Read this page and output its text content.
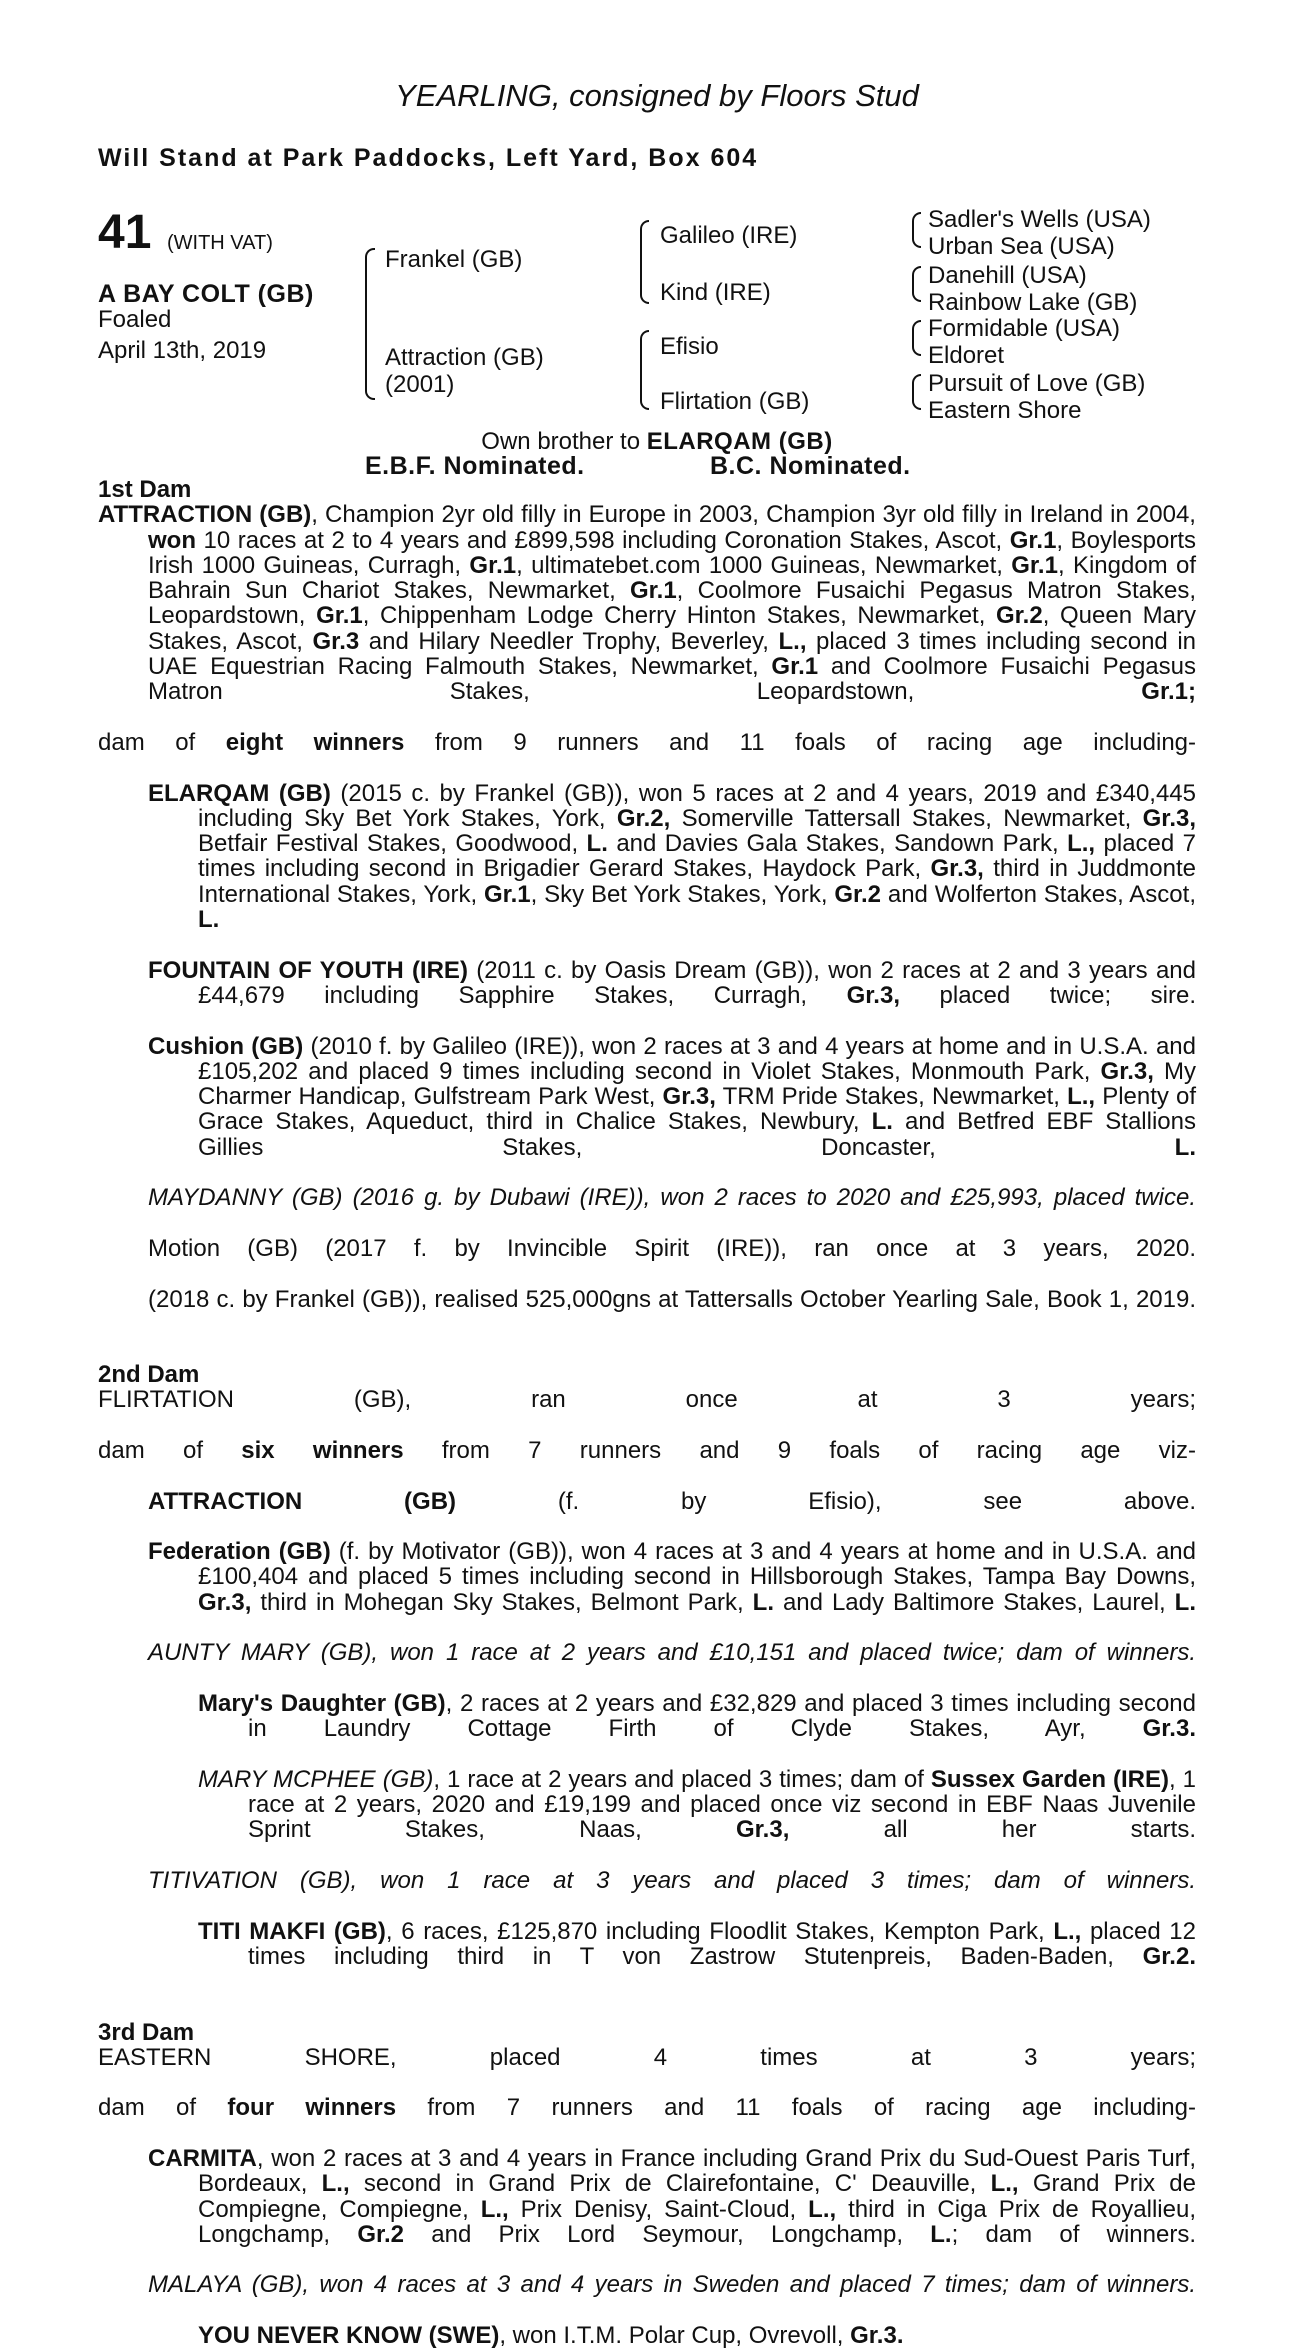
YEARLING, consigned by Floors Stud
Will Stand at Park Paddocks, Left Yard, Box 604
41 (WITH VAT)
A BAY COLT (GB)
Foaled
April 13th, 2019
Frankel (GB)
Attraction (GB)
(2001)
Galileo (IRE)
Kind (IRE)
Efisio
Flirtation (GB)
Sadler's Wells (USA)
Urban Sea (USA)
Danehill (USA)
Rainbow Lake (GB)
Formidable (USA)
Eldoret
Pursuit of Love (GB)
Eastern Shore
Own brother to ELARQAM (GB)
E.B.F. Nominated.	B.C. Nominated.
1st Dam
ATTRACTION (GB), Champion 2yr old filly in Europe in 2003, Champion 3yr old filly in Ireland in 2004, won 10 races at 2 to 4 years and £899,598 including Coronation Stakes, Ascot, Gr.1, Boylesports Irish 1000 Guineas, Curragh, Gr.1, ultimatebet.com 1000 Guineas, Newmarket, Gr.1, Kingdom of Bahrain Sun Chariot Stakes, Newmarket, Gr.1, Coolmore Fusaichi Pegasus Matron Stakes, Leopardstown, Gr.1, Chippenham Lodge Cherry Hinton Stakes, Newmarket, Gr.2, Queen Mary Stakes, Ascot, Gr.3 and Hilary Needler Trophy, Beverley, L., placed 3 times including second in UAE Equestrian Racing Falmouth Stakes, Newmarket, Gr.1 and Coolmore Fusaichi Pegasus Matron Stakes, Leopardstown, Gr.1;
dam of eight winners from 9 runners and 11 foals of racing age including-
ELARQAM (GB) (2015 c. by Frankel (GB)), won 5 races at 2 and 4 years, 2019 and £340,445 including Sky Bet York Stakes, York, Gr.2, Somerville Tattersall Stakes, Newmarket, Gr.3, Betfair Festival Stakes, Goodwood, L. and Davies Gala Stakes, Sandown Park, L., placed 7 times including second in Brigadier Gerard Stakes, Haydock Park, Gr.3, third in Juddmonte International Stakes, York, Gr.1, Sky Bet York Stakes, York, Gr.2 and Wolferton Stakes, Ascot, L.
FOUNTAIN OF YOUTH (IRE) (2011 c. by Oasis Dream (GB)), won 2 races at 2 and 3 years and £44,679 including Sapphire Stakes, Curragh, Gr.3, placed twice; sire.
Cushion (GB) (2010 f. by Galileo (IRE)), won 2 races at 3 and 4 years at home and in U.S.A. and £105,202 and placed 9 times including second in Violet Stakes, Monmouth Park, Gr.3, My Charmer Handicap, Gulfstream Park West, Gr.3, TRM Pride Stakes, Newmarket, L., Plenty of Grace Stakes, Aqueduct, third in Chalice Stakes, Newbury, L. and Betfred EBF Stallions Gillies Stakes, Doncaster, L.
MAYDANNY (GB) (2016 g. by Dubawi (IRE)), won 2 races to 2020 and £25,993, placed twice.
Motion (GB) (2017 f. by Invincible Spirit (IRE)), ran once at 3 years, 2020.
(2018 c. by Frankel (GB)), realised 525,000gns at Tattersalls October Yearling Sale, Book 1, 2019.
2nd Dam
FLIRTATION (GB), ran once at 3 years;
dam of six winners from 7 runners and 9 foals of racing age viz-
ATTRACTION (GB) (f. by Efisio), see above.
Federation (GB) (f. by Motivator (GB)), won 4 races at 3 and 4 years at home and in U.S.A. and £100,404 and placed 5 times including second in Hillsborough Stakes, Tampa Bay Downs, Gr.3, third in Mohegan Sky Stakes, Belmont Park, L. and Lady Baltimore Stakes, Laurel, L.
AUNTY MARY (GB), won 1 race at 2 years and £10,151 and placed twice; dam of winners.
Mary's Daughter (GB), 2 races at 2 years and £32,829 and placed 3 times including second in Laundry Cottage Firth of Clyde Stakes, Ayr, Gr.3.
MARY MCPHEE (GB), 1 race at 2 years and placed 3 times; dam of Sussex Garden (IRE), 1 race at 2 years, 2020 and £19,199 and placed once viz second in EBF Naas Juvenile Sprint Stakes, Naas, Gr.3,	all her starts.
TITIVATION (GB), won 1 race at 3 years and placed 3 times; dam of winners.
TITI MAKFI (GB), 6 races, £125,870 including Floodlit Stakes, Kempton Park, L., placed 12 times including third in T von Zastrow Stutenpreis, Baden-Baden, Gr.2.
3rd Dam
EASTERN SHORE, placed 4 times at 3 years;
dam of four winners from 7 runners and 11 foals of racing age including-
CARMITA, won 2 races at 3 and 4 years in France including Grand Prix du Sud-Ouest Paris Turf, Bordeaux, L., second in Grand Prix de Clairefontaine, C' Deauville, L., Grand Prix de Compiegne, Compiegne, L., Prix Denisy, Saint-Cloud, L., third in Ciga Prix de Royallieu, Longchamp, Gr.2 and Prix Lord Seymour, Longchamp, L.; dam of winners.
MALAYA (GB), won 4 races at 3 and 4 years in Sweden and placed 7 times; dam of winners.
YOU NEVER KNOW (SWE), won I.T.M. Polar Cup, Ovrevoll, Gr.3.
